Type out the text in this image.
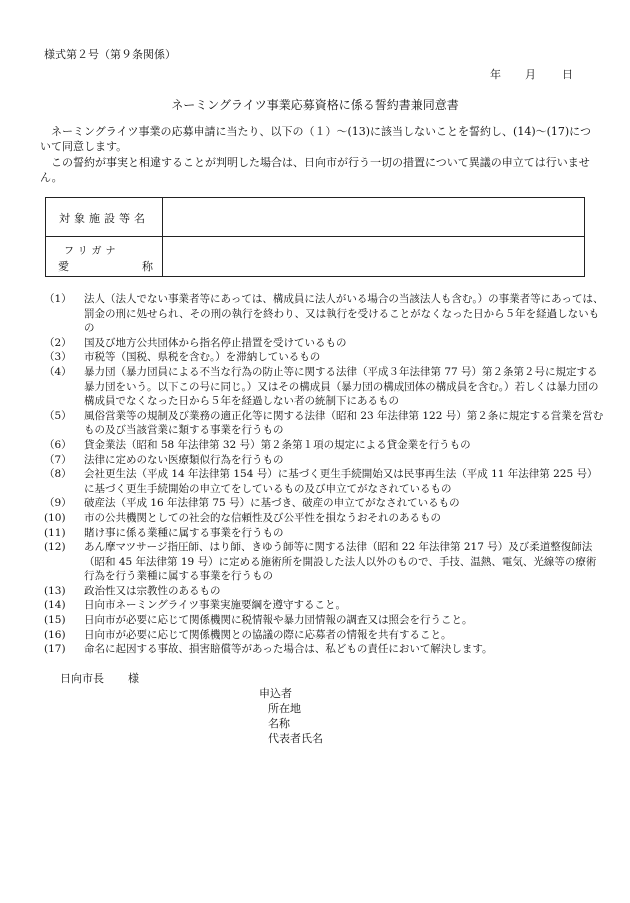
様式第２号（第９条関係）
年 月 日
ネーミングライツ事業応募資格に係る誓約書兼同意書
　ネーミングライツ事業の応募申請に当たり、以下の（１）～(13)に該当しないことを誓約し、(14)～(17)について同意します。
　この誓約が事実と相違することが判明した場合は、日向市が行う一切の措置について異議の申立ては行いません。
対象施設等名
フリガナ
愛	称
（1） 法人（法人でない事業者等にあっては、構成員に法人がいる場合の当該法人も含む。）の事業者等にあっては、罰金の刑に処せられ、その刑の執行を終わり、又は執行を受けることがなくなった日から５年を経過しないもの
（2） 国及び地方公共団体から指名停止措置を受けているもの
（3） 市税等（国税、県税を含む。）を滞納しているもの
（4） 暴力団（暴力団員による不当な行為の防止等に関する法律（平成３年法律第 77 号）第２条第２号に規定する暴力団をいう。以下この号に同じ。）又はその構成員（暴力団の構成団体の構成員を含む。）若しくは暴力団の構成員でなくなった日から５年を経過しない者の統制下にあるもの
（5） 風俗営業等の規制及び業務の適正化等に関する法律（昭和 23 年法律第 122 号）第２条に規定する営業を営むもの及び当該営業に類する事業を行うもの
（6） 貸金業法（昭和 58 年法律第 32 号）第２条第１項の規定による貸金業を行うもの
（7） 法律に定めのない医療類似行為を行うもの
（8） 会社更生法（平成 14 年法律第 154 号）に基づく更生手続開始又は民事再生法（平成 11 年法律第 225 号）に基づく更生手続開始の申立てをしているもの及び申立てがなされているもの
（9） 破産法（平成 16 年法律第 75 号）に基づき、破産の申立てがなされているもの
(10) 市の公共機関としての社会的な信頼性及び公平性を損なうおそれのあるもの
(11) 賭け事に係る業種に属する事業を行うもの
(12) あん摩マツサージ指圧師、はり師、きゆう師等に関する法律（昭和 22 年法律第 217 号）及び柔道整復師法（昭和 45 年法律第 19 号）に定める施術所を開設した法人以外のもので、手技、温熱、電気、光線等の療術行為を行う業種に属する事業を行うもの
(13) 政治性又は宗教性のあるもの
(14) 日向市ネーミングライツ事業実施要綱を遵守すること。
(15) 日向市が必要に応じて関係機関に税情報や暴力団情報の調査又は照会を行うこと。
(16) 日向市が必要に応じて関係機関との協議の際に応募者の情報を共有すること。
(17) 命名に起因する事故、損害賠償等があった場合は、私どもの責任において解決します。
日向市長 様
申込者
所在地
名称
代表者氏名
